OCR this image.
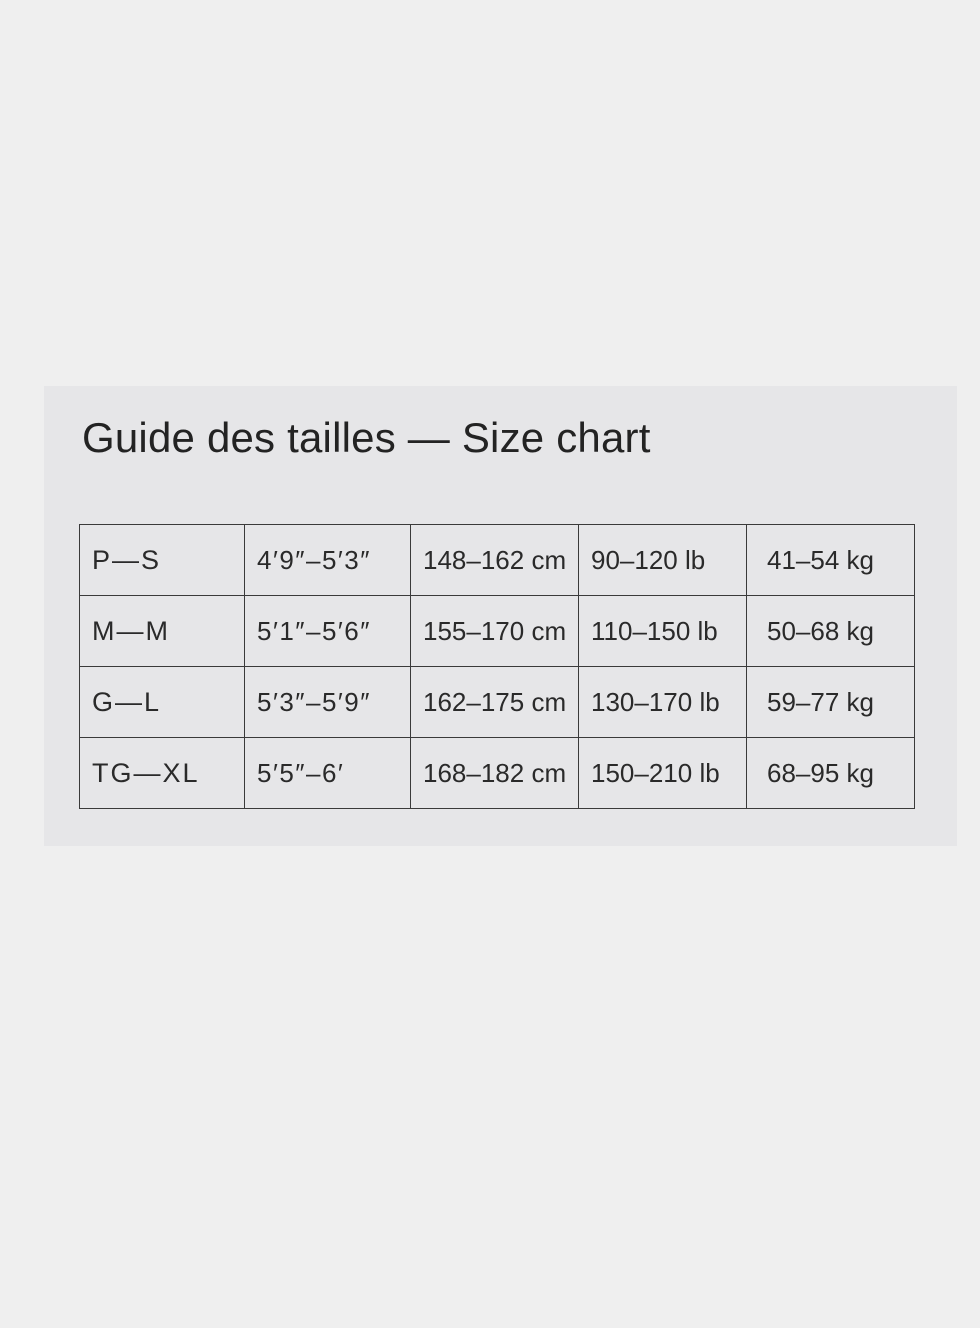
Guide des tailles — Size chart
P—S	4′9″–5′3″	148–162 cm	90–120 lb	41–54 kg
M—M	5′1″–5′6″	155–170 cm	110–150 lb	50–68 kg
G—L	5′3″–5′9″	162–175 cm	130–170 lb	59–77 kg
TG—XL	5′5″–6′	168–182 cm	150–210 lb	68–95 kg
